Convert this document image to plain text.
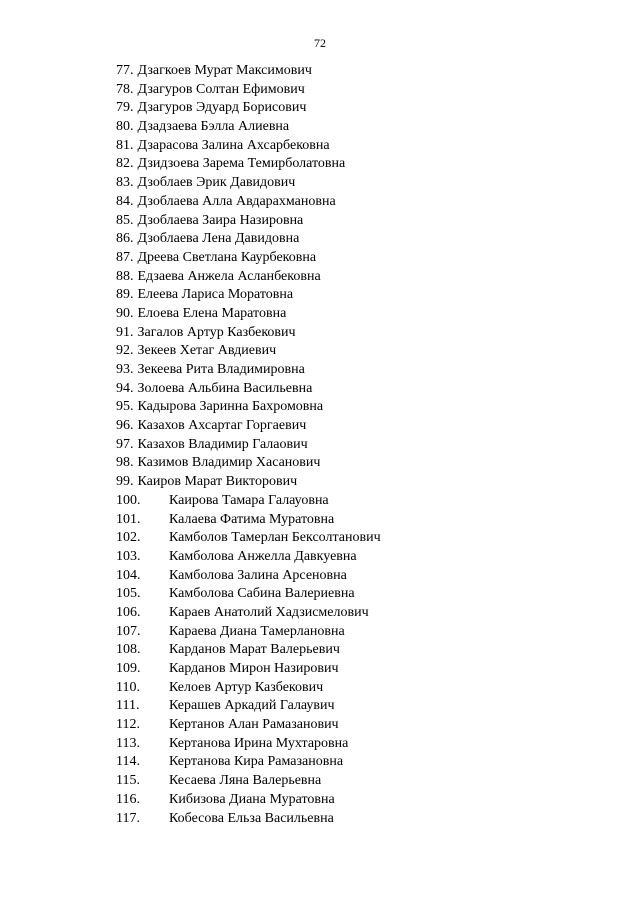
72
77. Дзагкоев Мурат Максимович
78. Дзагуров Солтан Ефимович
79. Дзагуров Эдуард Борисович
80. Дзадзаева Бэлла Алиевна
81. Дзарасова Залина Ахсарбековна
82. Дзидзоева Зарема Темирболатовна
83. Дзоблаев Эрик Давидович
84. Дзоблаева Алла Авдарахмановна
85. Дзоблаева Заира Назировна
86. Дзоблаева Лена Давидовна
87. Дреева Светлана Каурбековна
88. Едзаева Анжела Асланбековна
89. Елеева Лариса Моратовна
90. Елоева Елена Маратовна
91. Загалов Артур Казбекович
92. Зекеев Хетаг Авдиевич
93. Зекеева Рита Владимировна
94. Золоева Альбина Васильевна
95. Кадырова Заринна Бахромовна
96. Казахов Ахсартаг Горгаевич
97. Казахов Владимир Галаович
98. Казимов Владимир Хасанович
99. Каиров Марат Викторович
100. Каирова Тамара Галауовна
101. Калаева Фатима Муратовна
102. Камболов Тамерлан Бексолтанович
103. Камболова Анжелла Давкуевна
104. Камболова Залина Арсеновна
105. Камболова Сабина Валериевна
106. Караев Анатолий Хадзисмелович
107. Караева Диана Тамерлановна
108. Карданов Марат Валерьевич
109. Карданов Мирон Назирович
110. Келоев Артур Казбекович
111. Керашев Аркадий Галаувич
112. Кертанов Алан Рамазанович
113. Кертанова Ирина Мухтаровна
114. Кертанова Кира Рамазановна
115. Кесаева Ляна Валерьевна
116. Кибизова Диана Муратовна
117. Кобесова Ельза Васильевна
